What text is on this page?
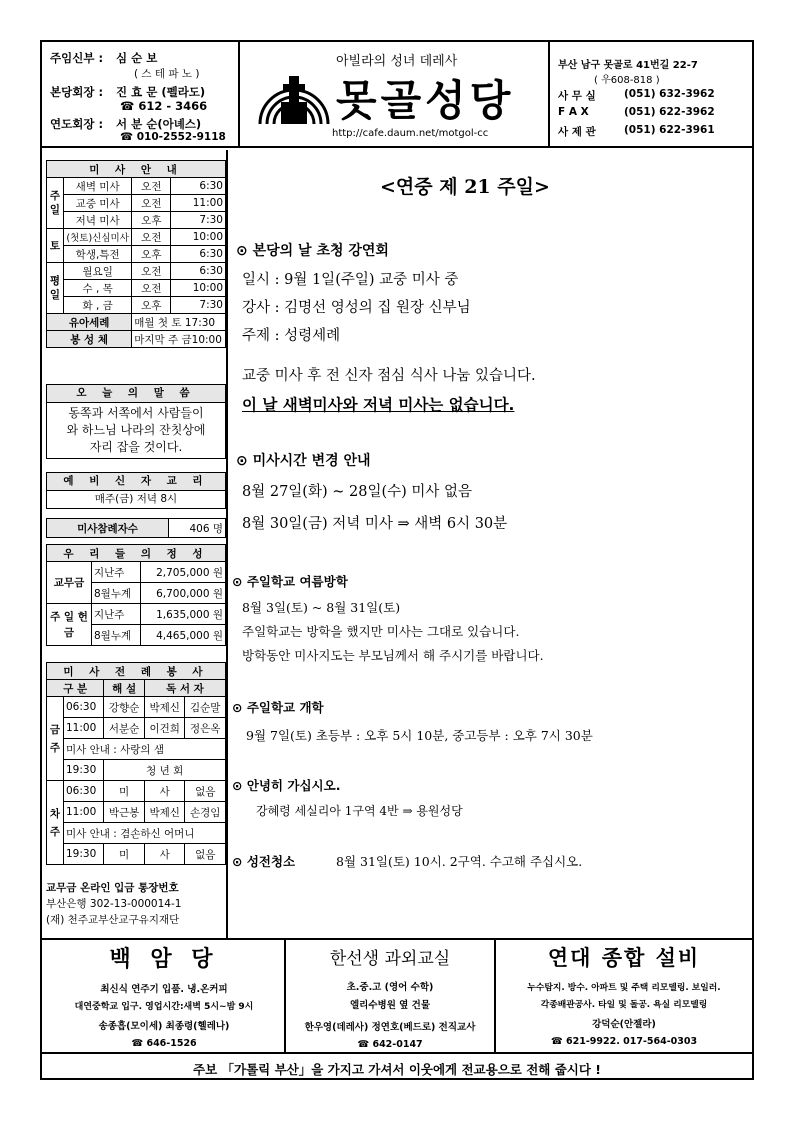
주임신부 : 심 순 보
( 스 테 파 노 )
본당회장 : 진 효 문 (펠라도)
☎ 612 - 3466
연도회장 : 서 분 순(아녜스)
☎ 010-2552-9118
아빌라의 성녀 데레사
못골성당
http://cafe.daum.net/motgol-cc
부산 남구 못골로 41번길 22-7
( 우608-818 )
사 무 실	(051) 632-3962
F A X	(051) 622-3962
사 제 관	(051) 622-3961
미 사 안 내			
주일	새벽 미사	오전	6:30
	교중 미사	오전	11:00
	저녁 미사	오후	7:30
토	(첫토)신심미사	오전	10:00
	학생,특전	오후	6:30
평일	월요일	오전	6:30
	수 , 목	오전	10:00
	화 , 금	오후	7:30
유아세례		매월 첫 토 17:30	
봉 성 체		마지막 주 금10:00	
오 늘 의 말 씀
동쪽과 서쪽에서 사람들이
와 하느님 나라의 잔칫상에
자리 잡을 것이다.
예 비 신 자 교 리
매주(금) 저녁 8시
미사참례자수	406 명
우 리 들 의 정 성		
교무금	지난주	2,705,000 원
	8월누계	6,700,000 원
주 일 헌 금	지난주	1,635,000 원
	8월누계	4,465,000 원
미 사 전 례 봉 사				
구 분		해 설	독 서 자	
금주	06:30	강향순	박제신	김순말
	11:00	서분순	이건희	정은옥
	미사 안내 : 사랑의 샘			
	19:30	청 년 회		
차주	06:30	미	사	없음
	11:00	박근봉	박제신	손경임
	미사 안내 : 겸손하신 어머니			
	19:30	미	사	없음
교무금 온라인 입금 통장번호
부산은행 302-13-000014-1
(재) 천주교부산교구유지재단
<연중 제 21 주일>
⊙ 본당의 날 초청 강연회
일시 : 9월 1일(주일) 교중 미사 중
강사 : 김명선 영성의 집 원장 신부님
주제 : 성령세례
교중 미사 후 전 신자 점심 식사 나눔 있습니다.
이 날 새벽미사와 저녁 미사는 없습니다.
⊙ 미사시간 변경 안내
8월 27일(화) ~ 28일(수) 미사 없음
8월 30일(금) 저녁 미사 ⇒ 새벽 6시 30분
⊙ 주일학교 여름방학
8월 3일(토) ~ 8월 31일(토)
주일학교는 방학을 했지만 미사는 그대로 있습니다.
방학동안 미사지도는 부모님께서 해 주시기를 바랍니다.
⊙ 주일학교 개학
9월 7일(토) 초등부 : 오후 5시 10분, 중고등부 : 오후 7시 30분
⊙ 안녕히 가십시오.
강혜령 세실리아 1구역 4반 ⇒ 용원성당
⊙ 성전청소	8월 31일(토) 10시. 2구역. 수고해 주십시오.
백 암 당
최신식 연주기 입품. 냉.온커피
대연중학교 입구. 영업시간:새벽 5시~밤 9시
송종흡(모이세) 최종령(헬레나)
☎ 646-1526
한선생 과외교실
초.중.고 (영어 수학)
엘리수병원 옆 건물
한우영(데레사) 정연호(베드로) 전직교사
☎ 642-0147
연대 종합 설비
누수탐지. 방수. 아파트 및 주택 리모델링. 보일러.
각종배관공사. 타일 및 돌공. 욕실 리모델링
강덕순(안젤라)
☎ 621-9922. 017-564-0303
주보 「가톨릭 부산」을 가지고 가셔서 이웃에게 전교용으로 전해 줍시다 !
